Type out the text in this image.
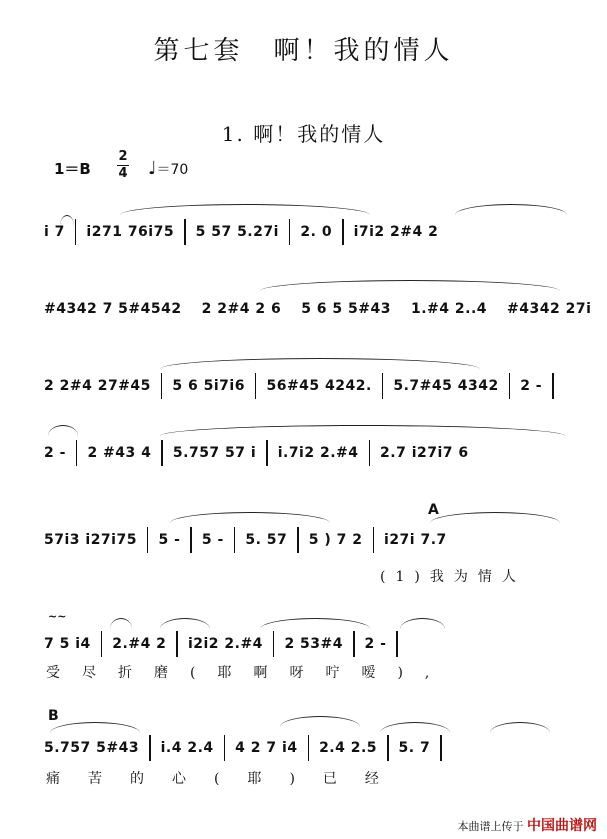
第七套　啊！我的情人
1. 啊！我的情人
1＝B
2
4 ♩＝70
i 7 i271 76i75 5 57 5.27i 2. 0 i7i2 2#4 2
#4342 7 5#4542 2 2#4 2 6 5 6 5 5#43 1.#4 2..4 #4342 27i
2 2#4 27#45 5 6 5i7i6 56#45 4242. 5.7#45 4342 2 -
2 - 2 #43 4 5.757 57 i i.7i2 2.#4 2.7 i27i7 6
A
57i3 i27i75 5 - 5 - 5. 57 5 ) 7 2 i27i 7.7
(1)我为情人
~~
7 5 i4 2.#4 2 i2i2 2.#4 2 53#4 2 -
受尽折磨(耶啊呀咛嗳),
B
5.757 5#43 i.4 2.4 4 2 7 i4 2.4 2.5 5. 7
痛苦的心(耶)已经
本曲谱上传于 中国曲谱网
